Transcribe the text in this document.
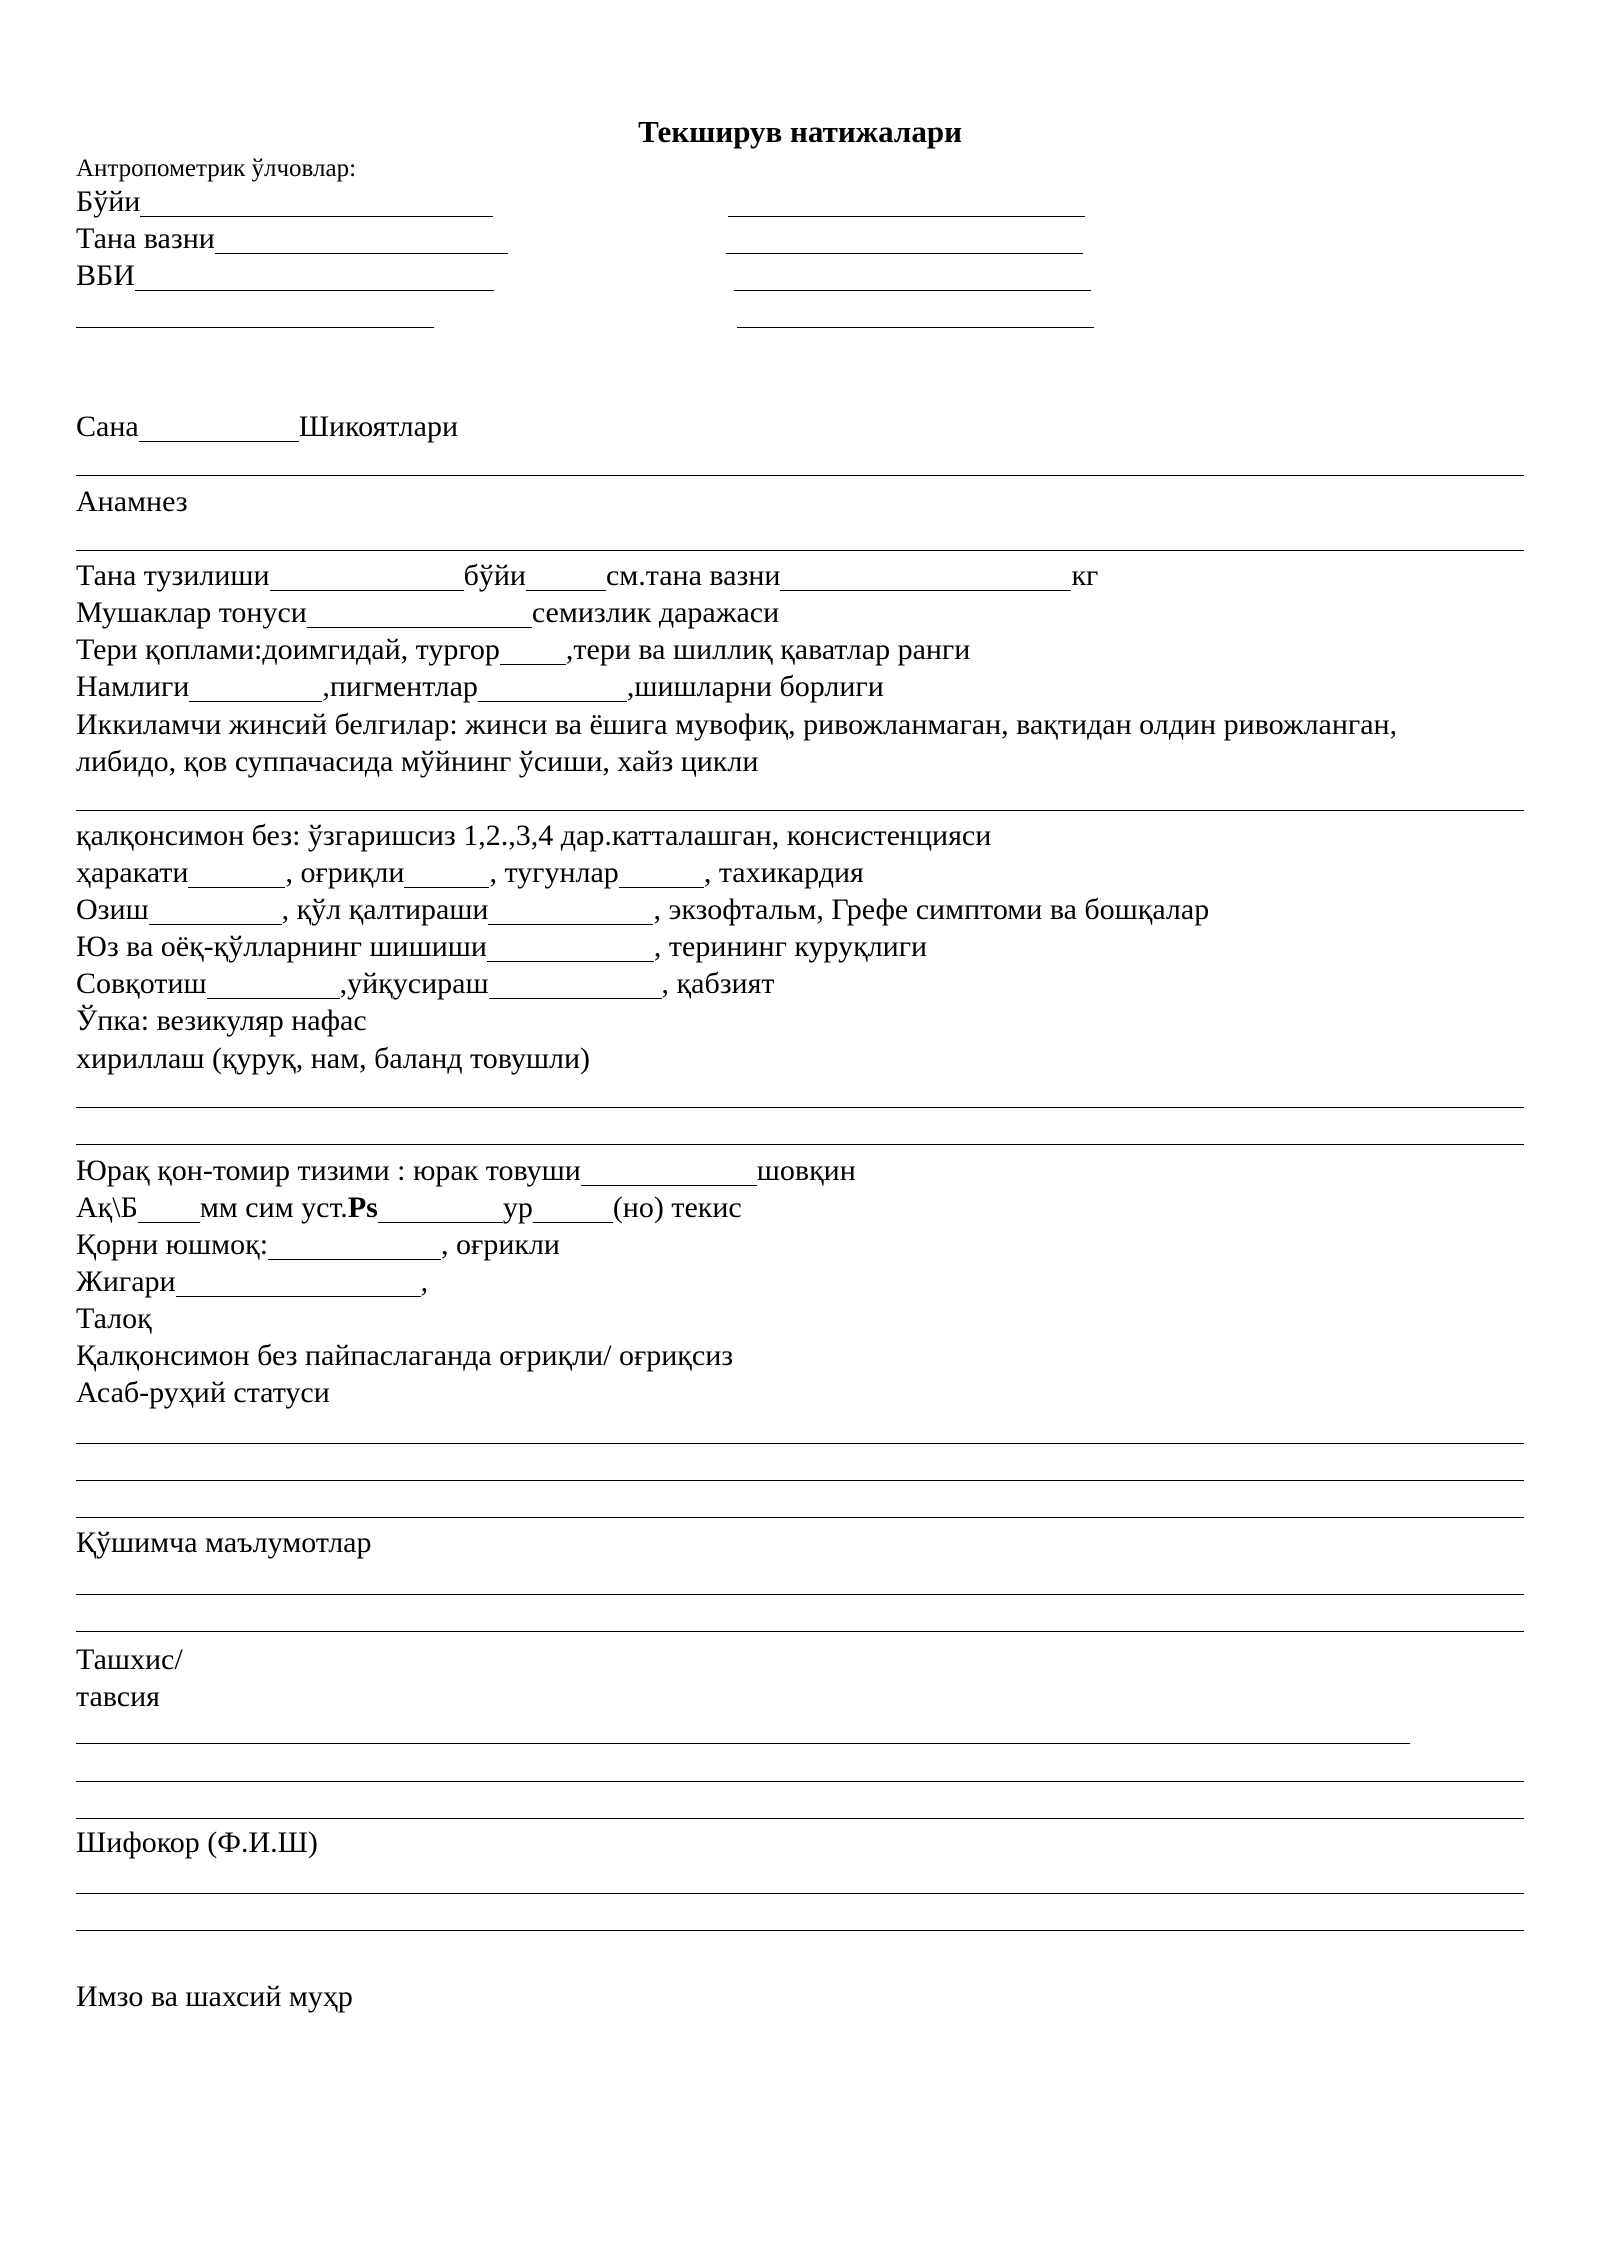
Текширув натижалари
Антропометрик ўлчовлар:
Бўйи
Тана вазни
ВБИ
Сана	Шикоятлари
Анамнез
Тана тузилиши	бўйи	см.тана вазни	кг
Мушаклар тонуси	семизлик даражаси
Тери қоплами:доимгидай, тургор ,тери ва шиллиқ қаватлар ранги
Намлиги	,пигментлар	,шишларни борлиги
Иккиламчи жинсий белгилар: жинси ва ёшига мувофиқ, ривожланмаган, вақтидан олдин ривожланган,
либидо, қов суппачасида мўйнинг ўсиши, хайз цикли
қалқонсимон без: ўзгаришсиз 1,2.,3,4 дар.катталашган, консистенцияси
ҳаракати	, оғриқли	, тугунлар	, тахикардия
Озиш	, қўл қалтираши	, экзофтальм, Грефе симптоми ва бошқалар
Юз ва оёқ-қўлларнинг шишиши	, терининг куруқлиги
Совқотиш	,уйқусираш	, қабзият
Ўпка: везикуляр нафас
хириллаш (қуруқ, нам, баланд товушли)
Юрақ қон-томир тизими : юрак товуши	шовқин
Ақ\Б мм сим уст. Ps	ур	(но) текис
Қорни юшмоқ:	, оғрикли
Жигари	,
Талоқ
Қалқонсимон без пайпаслаганда оғриқли/ оғриқсиз
Асаб-руҳий статуси
Қўшимча маълумотлар
Ташхис/
тавсия
Шифокор (Ф.И.Ш)
Имзо ва шахсий муҳр
